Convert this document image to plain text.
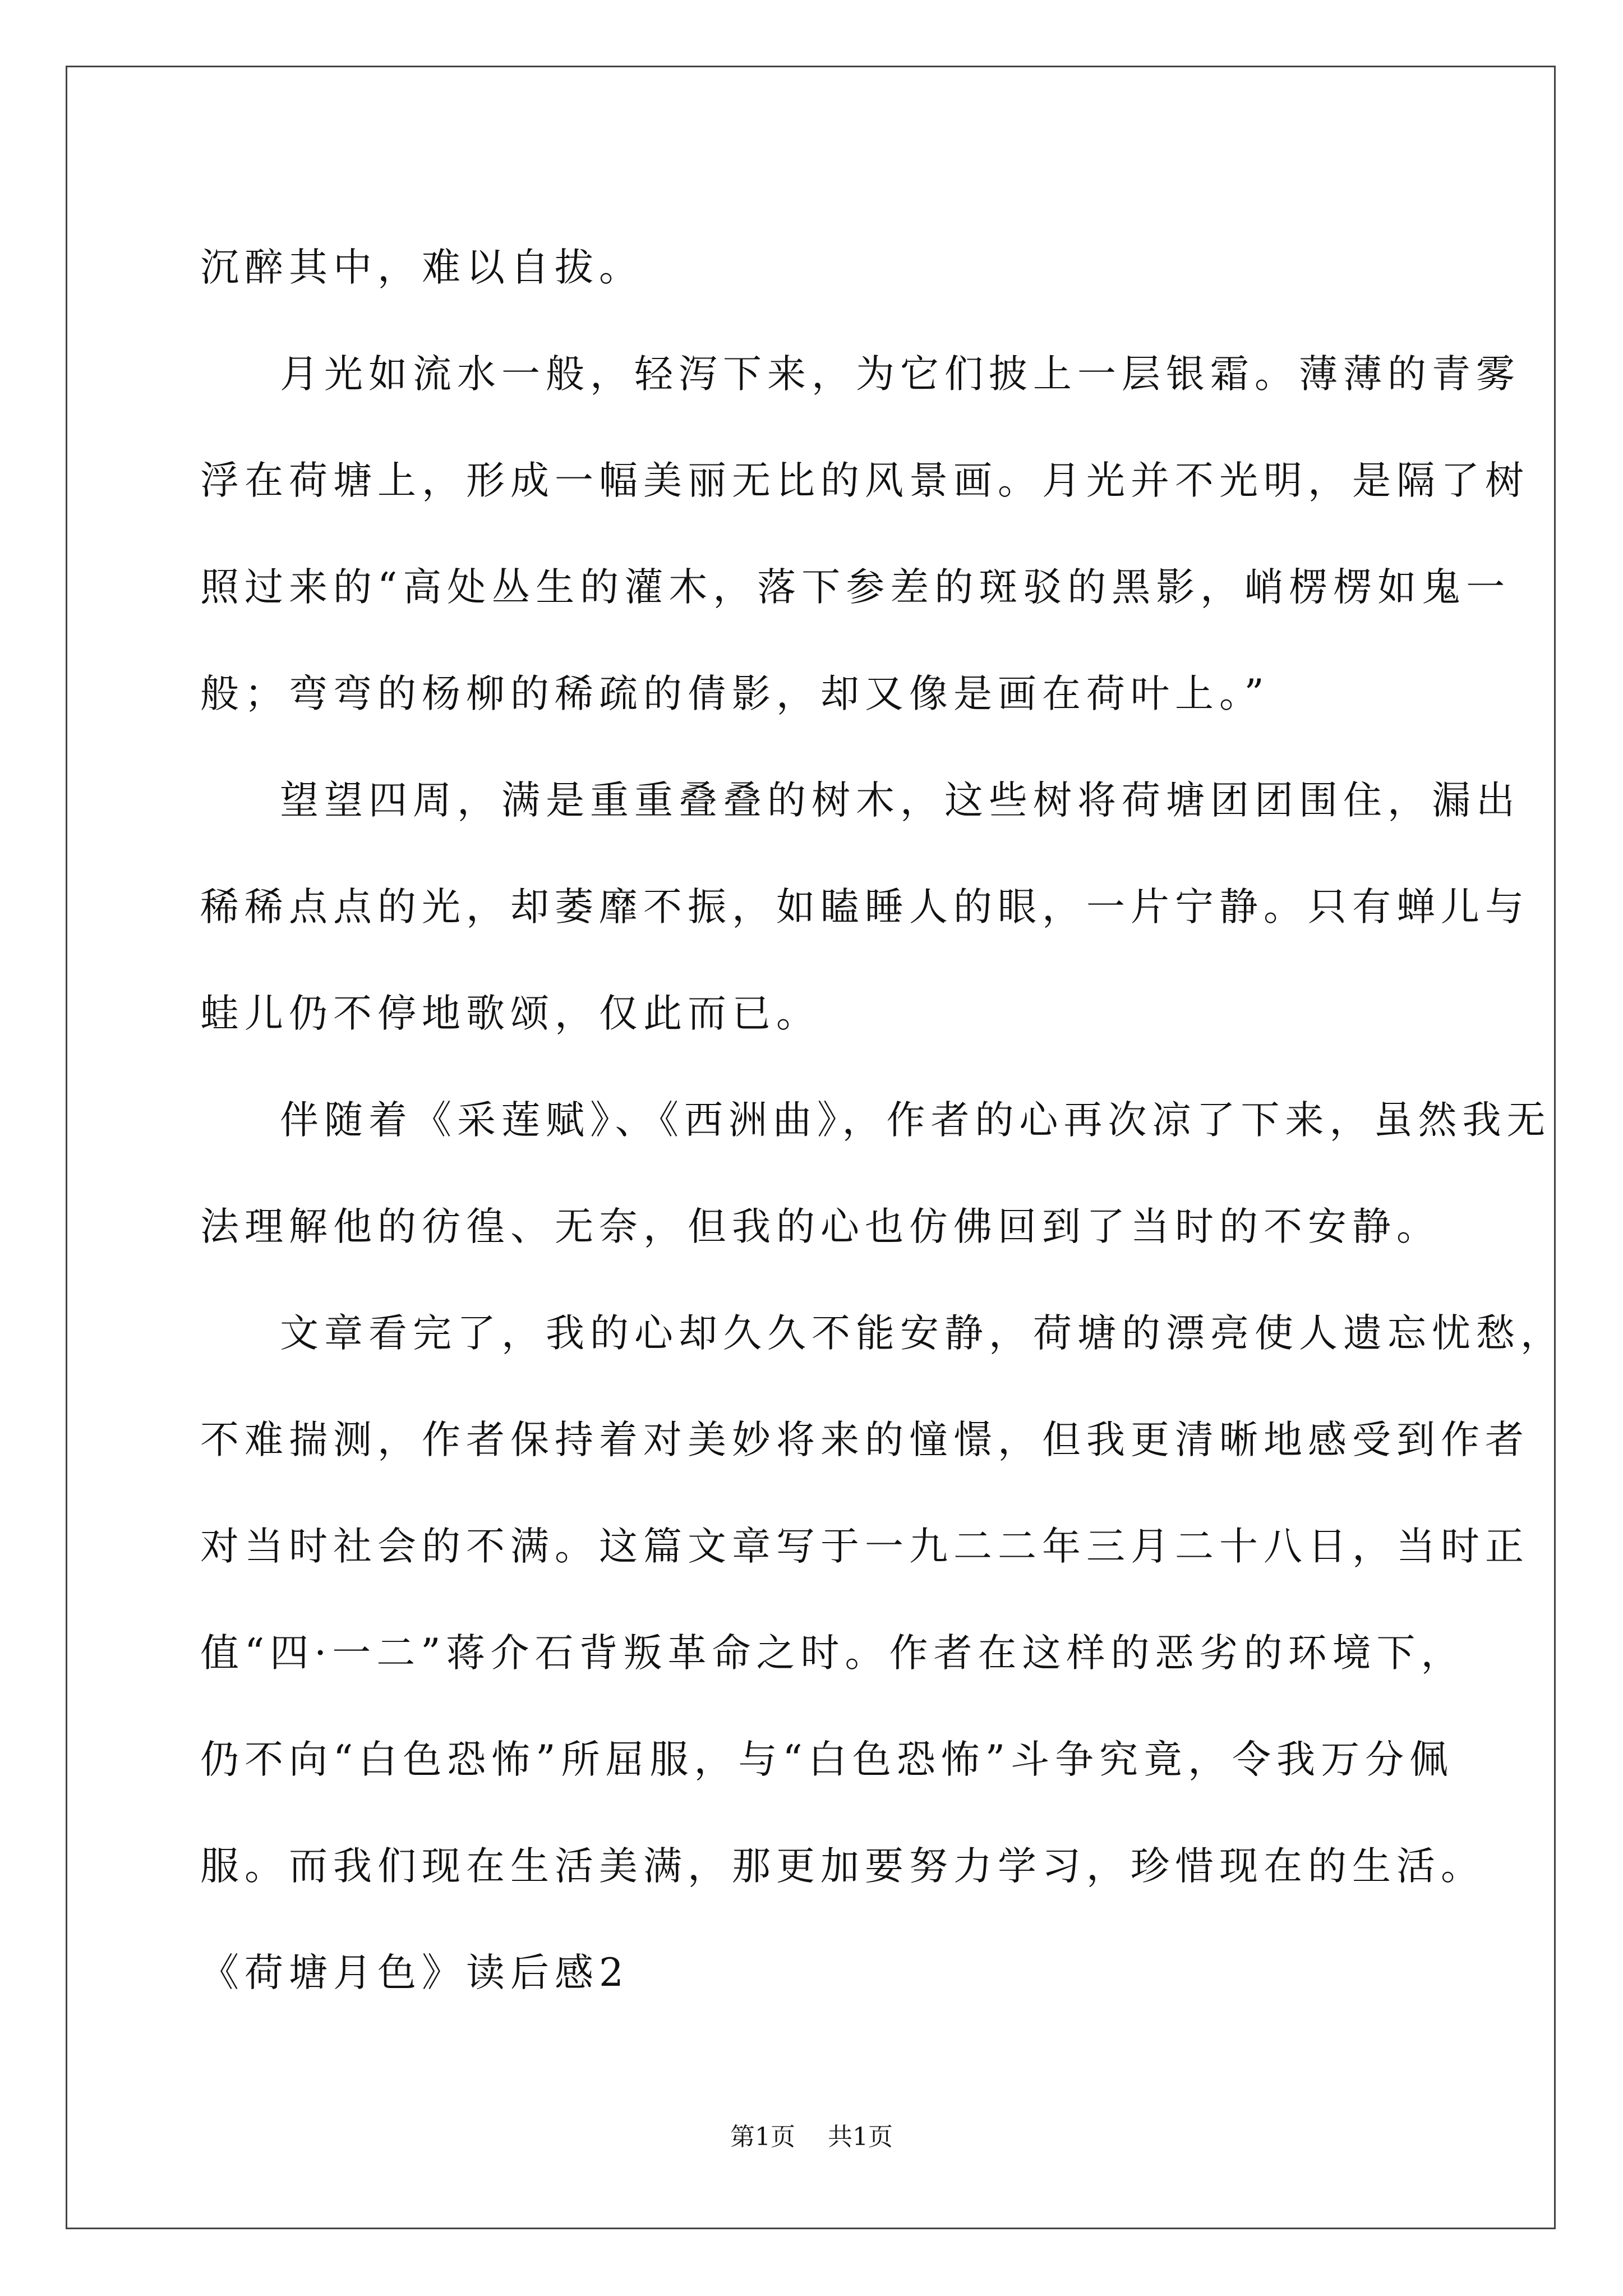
沉醉其中，难以自拔。
月光如流水一般，轻泻下来，为它们披上一层银霜。薄薄的青雾
浮在荷塘上，形成一幅美丽无比的风景画。月光并不光明，是隔了树
照过来的“高处丛生的灌木，落下参差的斑驳的黑影，峭楞楞如鬼一
般；弯弯的杨柳的稀疏的倩影，却又像是画在荷叶上。”
望望四周，满是重重叠叠的树木，这些树将荷塘团团围住，漏出
稀稀点点的光，却萎靡不振，如瞌睡人的眼，一片宁静。只有蝉儿与
蛙儿仍不停地歌颂，仅此而已。
伴随着《采莲赋》、《西洲曲》，作者的心再次凉了下来，虽然我无
法理解他的彷徨、无奈，但我的心也仿佛回到了当时的不安静。
文章看完了，我的心却久久不能安静，荷塘的漂亮使人遗忘忧愁，
不难揣测，作者保持着对美妙将来的憧憬，但我更清晰地感受到作者
对当时社会的不满。这篇文章写于一九二二年三月二十八日，当时正
值“四·一二”蒋介石背叛革命之时。作者在这样的恶劣的环境下，
仍不向“白色恐怖”所屈服，与“白色恐怖”斗争究竟，令我万分佩
服。而我们现在生活美满，那更加要努力学习，珍惜现在的生活。
《荷塘月色》读后感2
第1页 共1页
